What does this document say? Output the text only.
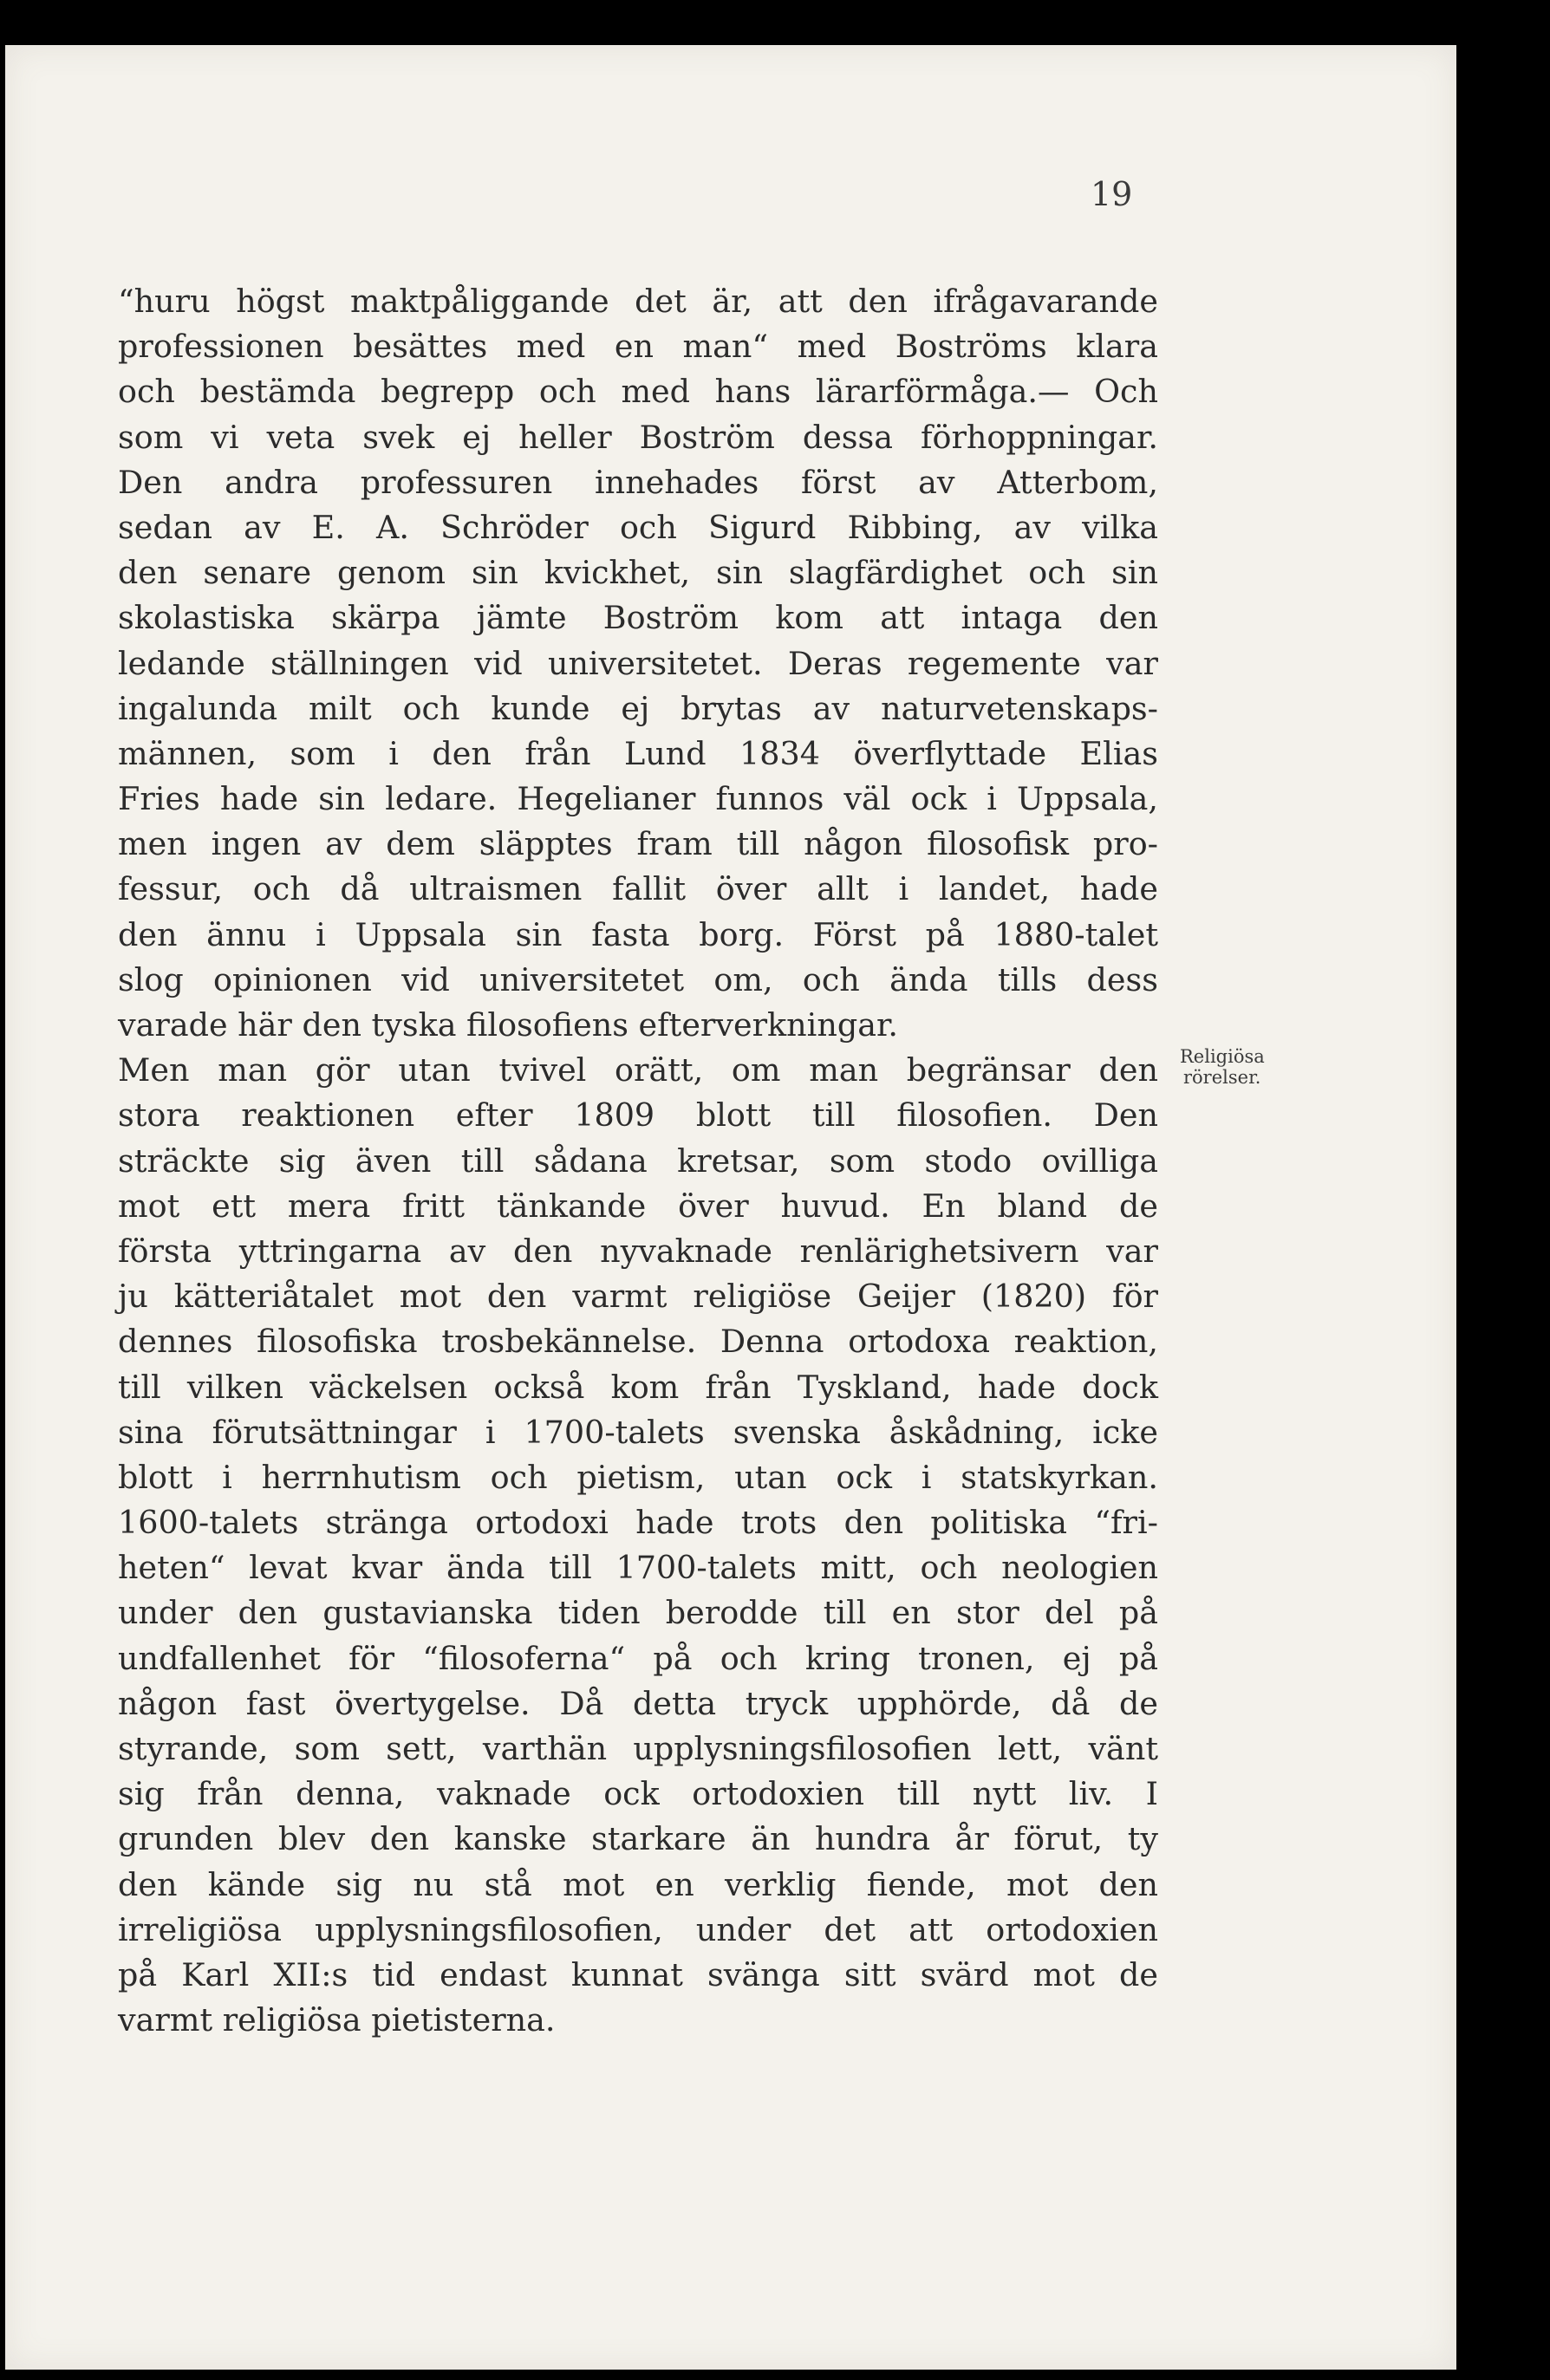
19
“huru högst maktpåliggande det är, att den ifrågavarande
professionen besättes med en man“ med Boströms klara
och bestämda begrepp och med hans lärarförmåga.— Och
som vi veta svek ej heller Boström dessa förhoppningar.
Den andra professuren innehades först av Atterbom,
sedan av E. A. Schröder och Sigurd Ribbing, av vilka
den senare genom sin kvickhet, sin slagfärdighet och sin
skolastiska skärpa jämte Boström kom att intaga den
ledande ställningen vid universitetet. Deras regemente var
ingalunda milt och kunde ej brytas av naturvetenskaps-
männen, som i den från Lund 1834 överflyttade Elias
Fries hade sin ledare. Hegelianer funnos väl ock i Uppsala,
men ingen av dem släpptes fram till någon filosofisk pro-
fessur, och då ultraismen fallit över allt i landet, hade
den ännu i Uppsala sin fasta borg. Först på 1880-talet
slog opinionen vid universitetet om, och ända tills dess
varade här den tyska filosofiens efterverkningar.
Men man gör utan tvivel orätt, om man begränsar den
stora reaktionen efter 1809 blott till filosofien. Den
sträckte sig även till sådana kretsar, som stodo ovilliga
mot ett mera fritt tänkande över huvud. En bland de
första yttringarna av den nyvaknade renlärighetsivern var
ju kätteriåtalet mot den varmt religiöse Geijer (1820) för
dennes filosofiska trosbekännelse. Denna ortodoxa reaktion,
till vilken väckelsen också kom från Tyskland, hade dock
sina förutsättningar i 1700-talets svenska åskådning, icke
blott i herrnhutism och pietism, utan ock i statskyrkan.
1600-talets stränga ortodoxi hade trots den politiska “fri-
heten“ levat kvar ända till 1700-talets mitt, och neologien
under den gustavianska tiden berodde till en stor del på
undfallenhet för “filosoferna“ på och kring tronen, ej på
någon fast övertygelse. Då detta tryck upphörde, då de
styrande, som sett, varthän upplysningsfilosofien lett, vänt
sig från denna, vaknade ock ortodoxien till nytt liv. I
grunden blev den kanske starkare än hundra år förut, ty
den kände sig nu stå mot en verklig fiende, mot den
irreligiösa upplysningsfilosofien, under det att ortodoxien
på Karl XII:s tid endast kunnat svänga sitt svärd mot de
varmt religiösa pietisterna.
Religiösa
rörelser.
